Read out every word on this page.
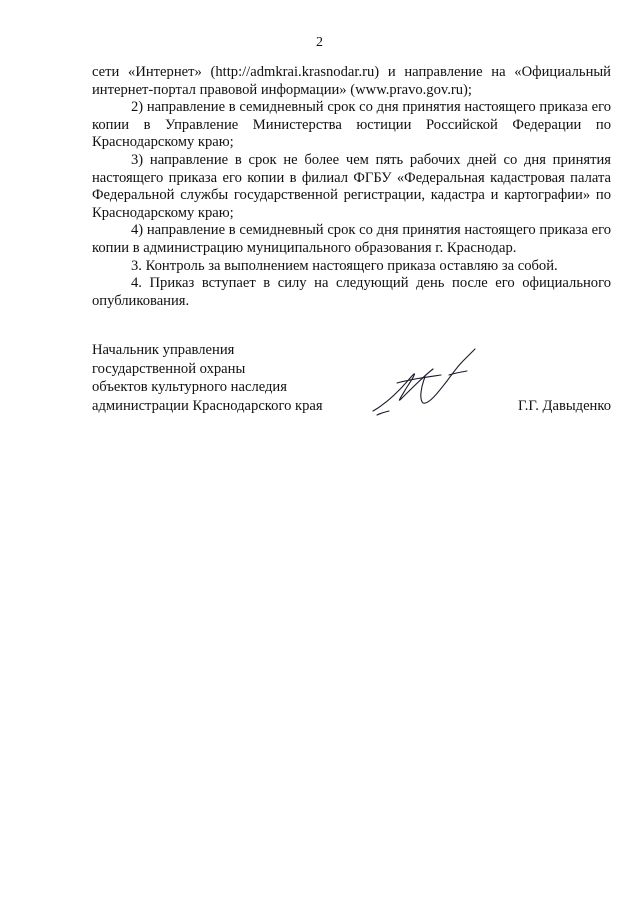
2

сети «Интернет» (http://admkrai.krasnodar.ru) и направление на «Официальный интернет-портал правовой информации» (www.pravo.gov.ru);

2) направление в семидневный срок со дня принятия настоящего приказа его копии в Управление Министерства юстиции Российской Федерации по Краснодарскому краю;

3) направление в срок не более чем пять рабочих дней со дня принятия настоящего приказа его копии в филиал ФГБУ «Федеральная кадастровая палата Федеральной службы государственной регистрации, кадастра и картографии» по Краснодарскому краю;

4) направление в семидневный срок со дня принятия настоящего приказа его копии в администрацию муниципального образования г. Краснодар.

3. Контроль за выполнением настоящего приказа оставляю за собой.

4. Приказ вступает в силу на следующий день после его официального опубликования.

Начальник управления
государственной охраны
объектов культурного наследия
администрации Краснодарского края	Г.Г. Давыденко
